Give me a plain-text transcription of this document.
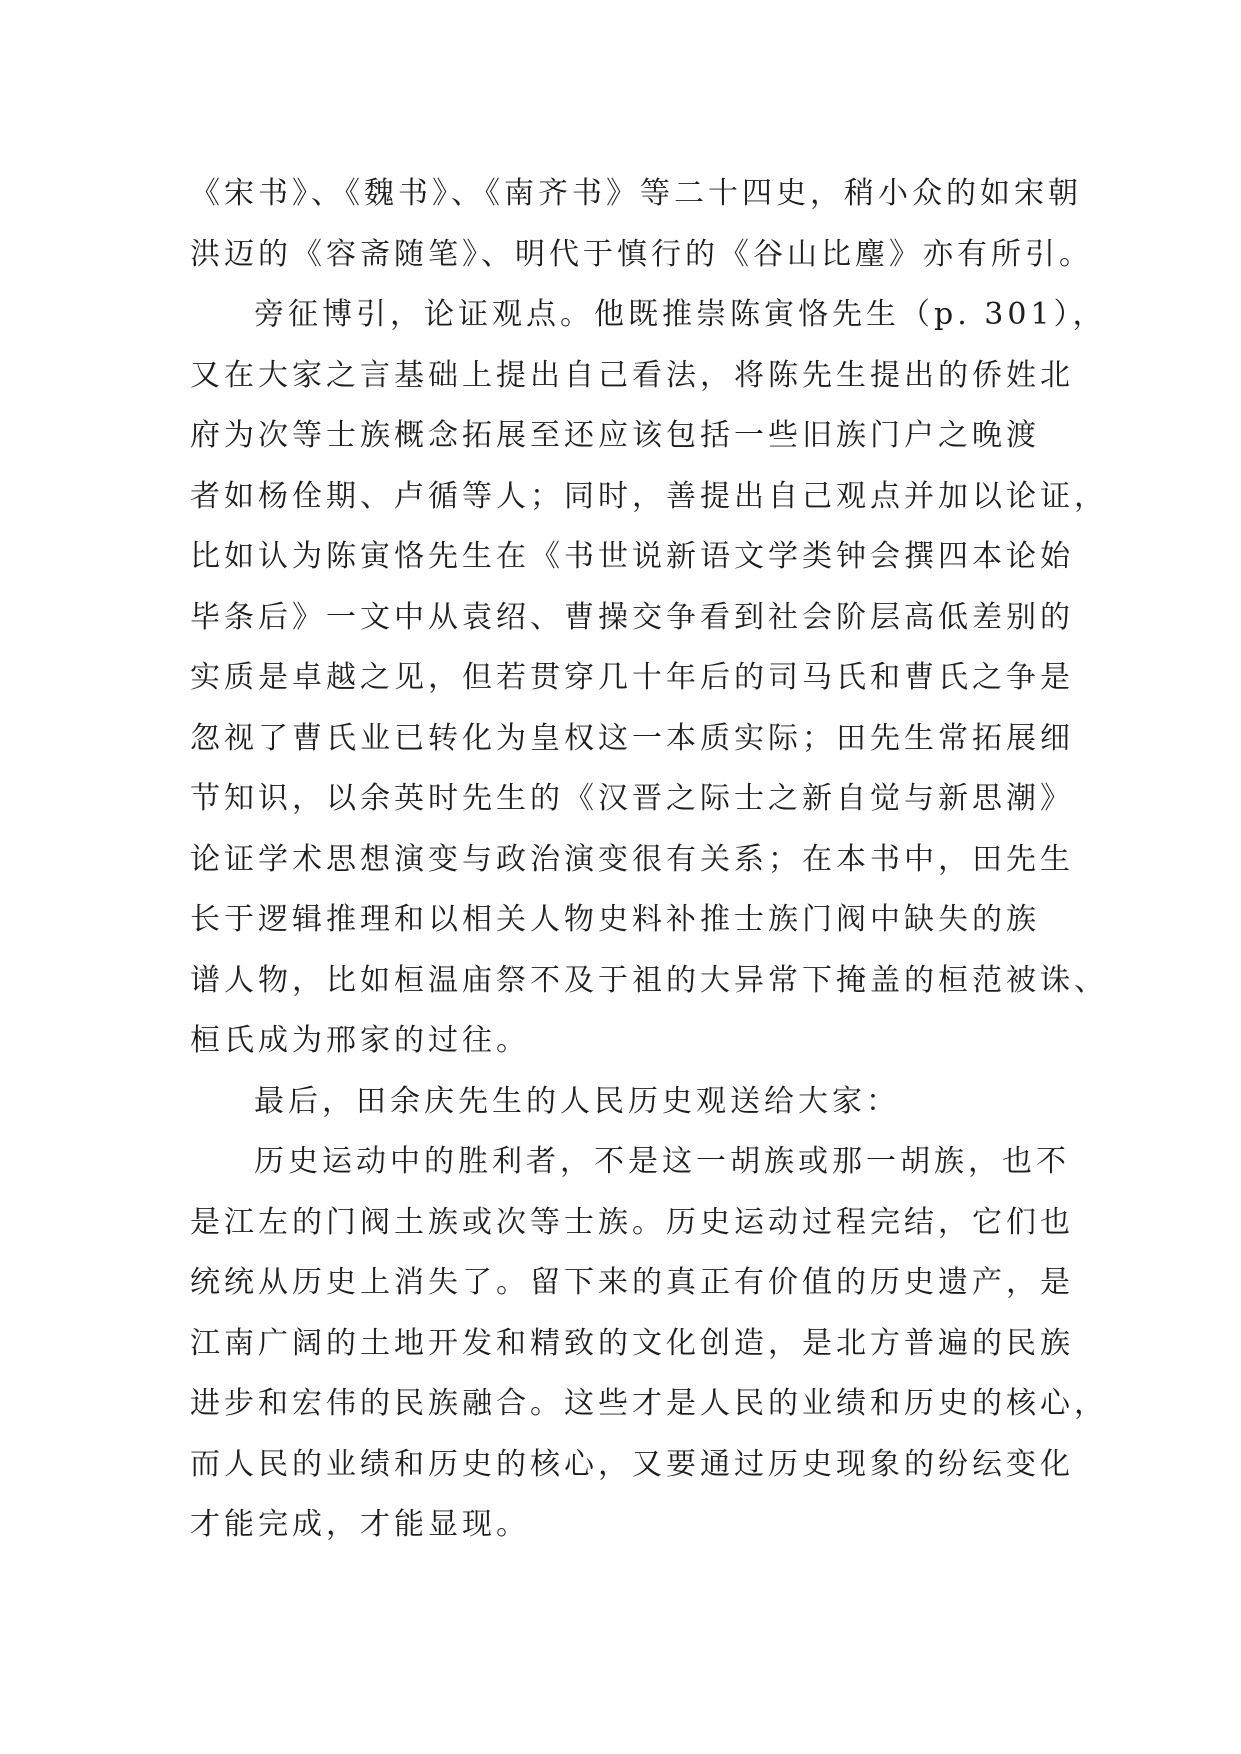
《宋书》、《魏书》、《南齐书》等二十四史，稍小众的如宋朝
洪迈的《容斋随笔》、明代于慎行的《谷山比麈》亦有所引。
旁征博引，论证观点。他既推崇陈寅恪先生（p. 301），
又在大家之言基础上提出自己看法，将陈先生提出的侨姓北
府为次等士族概念拓展至还应该包括一些旧族门户之晚渡
者如杨佺期、卢循等人；同时，善提出自己观点并加以论证，
比如认为陈寅恪先生在《书世说新语文学类钟会撰四本论始
毕条后》一文中从袁绍、曹操交争看到社会阶层高低差别的
实质是卓越之见，但若贯穿几十年后的司马氏和曹氏之争是
忽视了曹氏业已转化为皇权这一本质实际；田先生常拓展细
节知识，以余英时先生的《汉晋之际士之新自觉与新思潮》
论证学术思想演变与政治演变很有关系；在本书中，田先生
长于逻辑推理和以相关人物史料补推士族门阀中缺失的族
谱人物，比如桓温庙祭不及于祖的大异常下掩盖的桓范被诛、
桓氏成为邢家的过往。
最后，田余庆先生的人民历史观送给大家：
历史运动中的胜利者，不是这一胡族或那一胡族，也不
是江左的门阀土族或次等士族。历史运动过程完结，它们也
统统从历史上消失了。留下来的真正有价值的历史遗产，是
江南广阔的土地开发和精致的文化创造，是北方普遍的民族
进步和宏伟的民族融合。这些才是人民的业绩和历史的核心，
而人民的业绩和历史的核心，又要通过历史现象的纷纭变化
才能完成，才能显现。
